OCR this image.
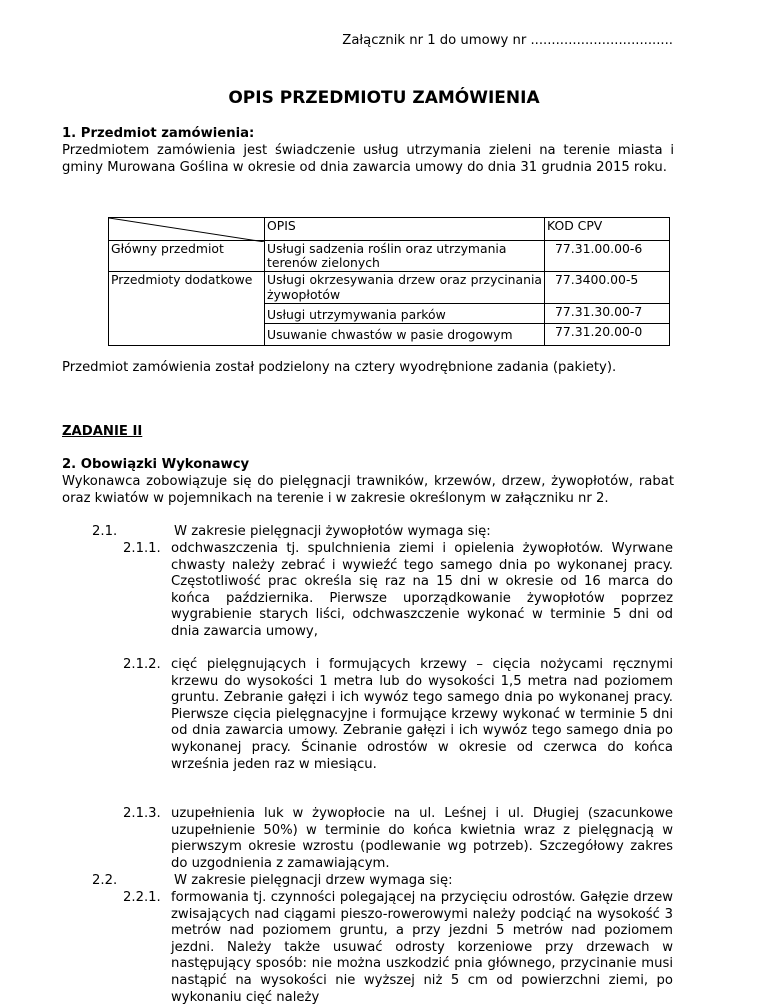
Załącznik nr 1 do umowy nr ..................................
OPIS PRZEDMIOTU ZAMÓWIENIA
1. Przedmiot zamówienia:
Przedmiotem zamówienia jest świadczenie usług utrzymania zieleni na terenie miasta i gminy Murowana Goślina w okresie od dnia zawarcia umowy do dnia 31 grudnia 2015 roku.
	OPIS	KOD CPV
Główny przedmiot	Usługi sadzenia roślin oraz utrzymania terenów zielonych	77.31.00.00-6
Przedmioty dodatkowe	Usługi okrzesywania drzew oraz przycinania żywopłotów	77.3400.00-5
	Usługi utrzymywania parków	77.31.30.00-7
	Usuwanie chwastów w pasie drogowym	77.31.20.00-0
Przedmiot zamówienia został podzielony na cztery wyodrębnione zadania (pakiety).
ZADANIE II
2. Obowiązki Wykonawcy
Wykonawca zobowiązuje się do pielęgnacji trawników, krzewów, drzew, żywopłotów, rabat oraz kwiatów w pojemnikach na terenie i w zakresie określonym w załączniku nr 2.
2.1.	W zakresie pielęgnacji żywopłotów wymaga się:
2.1.1. odchwaszczenia tj. spulchnienia ziemi i opielenia żywopłotów. Wyrwane chwasty należy zebrać i wywieźć tego samego dnia po wykonanej pracy. Częstotliwość prac określa się raz na 15 dni w okresie od 16 marca do końca października. Pierwsze uporządkowanie żywopłotów poprzez wygrabienie starych liści, odchwaszczenie wykonać w terminie 5 dni od dnia zawarcia umowy,
2.1.2. cięć pielęgnujących i formujących krzewy – cięcia nożycami ręcznymi krzewu do wysokości 1 metra lub do wysokości 1,5 metra nad poziomem gruntu. Zebranie gałęzi i ich wywóz tego samego dnia po wykonanej pracy. Pierwsze cięcia pielęgnacyjne i formujące krzewy wykonać w terminie 5 dni od dnia zawarcia umowy. Zebranie gałęzi i ich wywóz tego samego dnia po wykonanej pracy. Ścinanie odrostów w okresie od czerwca do końca września jeden raz w miesiącu.
2.1.3. uzupełnienia luk w żywopłocie na ul. Leśnej i ul. Długiej (szacunkowe uzupełnienie 50%) w terminie do końca kwietnia wraz z pielęgnacją w pierwszym okresie wzrostu (podlewanie wg potrzeb). Szczegółowy zakres do uzgodnienia z zamawiającym.
2.2.	W zakresie pielęgnacji drzew wymaga się:
2.2.1. formowania tj. czynności polegającej na przycięciu odrostów. Gałęzie drzew zwisających nad ciągami pieszo-rowerowymi należy podciąć na wysokość 3 metrów nad poziomem gruntu, a przy jezdni 5 metrów nad poziomem jezdni. Należy także usuwać odrosty korzeniowe przy drzewach w następujący sposób: nie można uszkodzić pnia głównego, przycinanie musi nastąpić na wysokości nie wyższej niż 5 cm od powierzchni ziemi, po wykonaniu cięć należy
